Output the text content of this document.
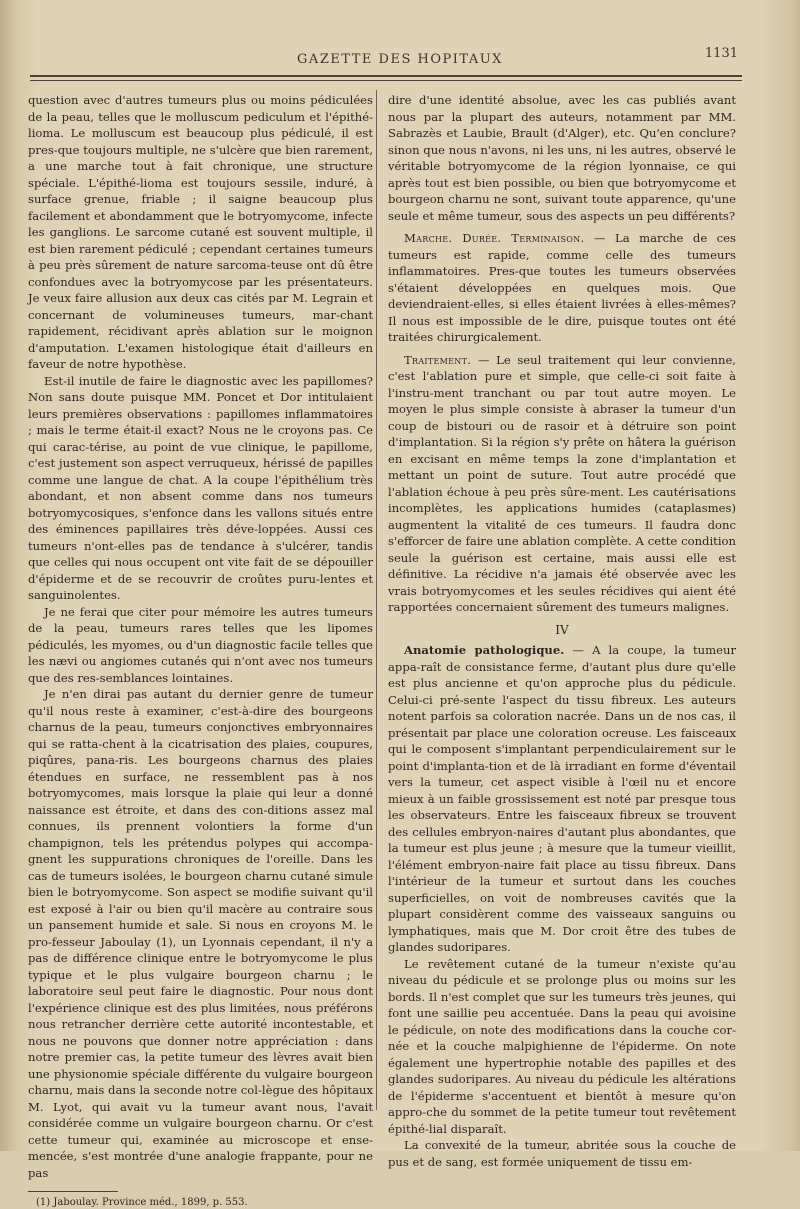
GAZETTE DES HOPITAUX	1131

question avec d'autres tumeurs plus ou moins pédiculées de la peau, telles que le molluscum pediculum et l'épithé-lioma. Le molluscum est beaucoup plus pédiculé, il est pres-que toujours multiple, ne s'ulcère que bien rarement, a une marche tout à fait chronique, une structure spéciale. L'épithé-lioma est toujours sessile, induré, à surface grenue, friable ; il saigne beaucoup plus facilement et abondamment que le botryomycome, infecte les ganglions. Le sarcome cutané est souvent multiple, il est bien rarement pédiculé ; cependant certaines tumeurs à peu près sûrement de nature sarcoma-teuse ont dû être confondues avec la botryomycose par les présentateurs. Je veux faire allusion aux deux cas cités par M. Legrain et concernant de volumineuses tumeurs, mar-chant rapidement, récidivant après ablation sur le moignon d'amputation. L'examen histologique était d'ailleurs en faveur de notre hypothèse.

Est-il inutile de faire le diagnostic avec les papillomes? Non sans doute puisque MM. Poncet et Dor intitulaient leurs premières observations : papillomes inflammatoires ; mais le terme était-il exact? Nous ne le croyons pas. Ce qui carac-térise, au point de vue clinique, le papillome, c'est justement son aspect verruqueux, hérissé de papilles comme une langue de chat. A la coupe l'épithélium très abondant, et non absent comme dans nos tumeurs botryomycosiques, s'enfonce dans les vallons situés entre des éminences papillaires très déve-loppées. Aussi ces tumeurs n'ont-elles pas de tendance à s'ulcérer, tandis que celles qui nous occupent ont vite fait de se dépouiller d'épiderme et de se recouvrir de croûtes puru-lentes et sanguinolentes.

Je ne ferai que citer pour mémoire les autres tumeurs de la peau, tumeurs rares telles que les lipomes pédiculés, les myomes, ou d'un diagnostic facile telles que les nævi ou angiomes cutanés qui n'ont avec nos tumeurs que des res-semblances lointaines.

Je n'en dirai pas autant du dernier genre de tumeur qu'il nous reste à examiner, c'est-à-dire des bourgeons charnus de la peau, tumeurs conjonctives embryonnaires qui se ratta-chent à la cicatrisation des plaies, coupures, piqûres, pana-ris. Les bourgeons charnus des plaies étendues en surface, ne ressemblent pas à nos botryomycomes, mais lorsque la plaie qui leur a donné naissance est étroite, et dans des con-ditions assez mal connues, ils prennent volontiers la forme d'un champignon, tels les prétendus polypes qui accompa-gnent les suppurations chroniques de l'oreille. Dans les cas de tumeurs isolées, le bourgeon charnu cutané simule bien le botryomycome. Son aspect se modifie suivant qu'il est exposé à l'air ou bien qu'il macère au contraire sous un pansement humide et sale. Si nous en croyons M. le pro-fesseur Jaboulay (1), un Lyonnais cependant, il n'y a pas de différence clinique entre le botryomycome le plus typique et le plus vulgaire bourgeon charnu ; le laboratoire seul peut faire le diagnostic. Pour nous dont l'expérience clinique est des plus limitées, nous préférons nous retrancher derrière cette autorité incontestable, et nous ne pouvons que donner notre appréciation : dans notre premier cas, la petite tumeur des lèvres avait bien une physionomie spéciale différente du vulgaire bourgeon charnu, mais dans la seconde notre col-lègue des hôpitaux M. Lyot, qui avait vu la tumeur avant nous, l'avait considérée comme un vulgaire bourgeon charnu. Or c'est cette tumeur qui, examinée au microscope et ense-mencée, s'est montrée d'une analogie frappante, pour ne pas

(1) Jaboulay. Province méd., 1899, p. 553.

dire d'une identité absolue, avec les cas publiés avant nous par la plupart des auteurs, notamment par MM. Sabrazès et Laubie, Brault (d'Alger), etc. Qu'en conclure? sinon que nous n'avons, ni les uns, ni les autres, observé le véritable botryomycome de la région lyonnaise, ce qui après tout est bien possible, ou bien que botryomycome et bourgeon charnu ne sont, suivant toute apparence, qu'une seule et même tumeur, sous des aspects un peu différents?

Marche. Durée. Terminaison. — La marche de ces tumeurs est rapide, comme celle des tumeurs inflammatoires. Pres-que toutes les tumeurs observées s'étaient développées en quelques mois. Que deviendraient-elles, si elles étaient livrées à elles-mêmes? Il nous est impossible de le dire, puisque toutes ont été traitées chirurgicalement.

Traitement. — Le seul traitement qui leur convienne, c'est l'ablation pure et simple, que celle-ci soit faite à l'instru-ment tranchant ou par tout autre moyen. Le moyen le plus simple consiste à abraser la tumeur d'un coup de bistouri ou de rasoir et à détruire son point d'implantation. Si la région s'y prête on hâtera la guérison en excisant en même temps la zone d'implantation et mettant un point de suture. Tout autre procédé que l'ablation échoue à peu près sûre-ment. Les cautérisations incomplètes, les applications humides (cataplasmes) augmentent la vitalité de ces tumeurs. Il faudra donc s'efforcer de faire une ablation complète. A cette condition seule la guérison est certaine, mais aussi elle est définitive. La récidive n'a jamais été observée avec les vrais botryomycomes et les seules récidives qui aient été rapportées concernaient sûrement des tumeurs malignes.

IV

Anatomie pathologique. — A la coupe, la tumeur appa-raît de consistance ferme, d'autant plus dure qu'elle est plus ancienne et qu'on approche plus du pédicule. Celui-ci pré-sente l'aspect du tissu fibreux. Les auteurs notent parfois sa coloration nacrée. Dans un de nos cas, il présentait par place une coloration ocreuse. Les faisceaux qui le composent s'implantant perpendiculairement sur le point d'implanta-tion et de là irradiant en forme d'éventail vers la tumeur, cet aspect visible à l'œil nu et encore mieux à un faible grossissement est noté par presque tous les observateurs. Entre les faisceaux fibreux se trouvent des cellules embryon-naires d'autant plus abondantes, que la tumeur est plus jeune ; à mesure que la tumeur vieillit, l'élément embryon-naire fait place au tissu fibreux. Dans l'intérieur de la tumeur et surtout dans les couches superficielles, on voit de nombreuses cavités que la plupart considèrent comme des vaisseaux sanguins ou lymphatiques, mais que M. Dor croit être des tubes de glandes sudoripares.

Le revêtement cutané de la tumeur n'existe qu'au niveau du pédicule et se prolonge plus ou moins sur les bords. Il n'est complet que sur les tumeurs très jeunes, qui font une saillie peu accentuée. Dans la peau qui avoisine le pédicule, on note des modifications dans la couche cor-née et la couche malpighienne de l'épiderme. On note également une hypertrophie notable des papilles et des glandes sudoripares. Au niveau du pédicule les altérations de l'épiderme s'accentuent et bientôt à mesure qu'on appro-che du sommet de la petite tumeur tout revêtement épithé-lial disparaît.

La convexité de la tumeur, abritée sous la couche de pus et de sang, est formée uniquement de tissu em-
